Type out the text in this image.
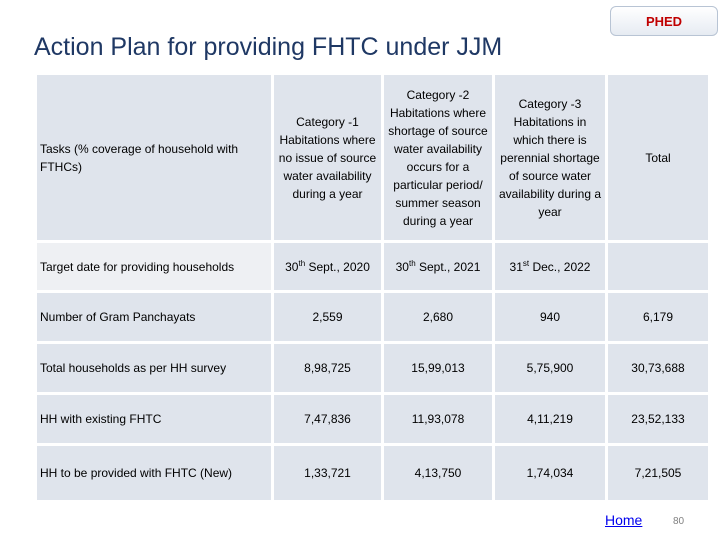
PHED
Action Plan for providing FHTC under JJM
Tasks (% coverage of household with FTHCs)	Category -1 Habitations where no issue of source water availability during a year	Category -2 Habitations where shortage of source water availability occurs for a particular period/ summer season during a year	Category -3 Habitations in which there is perennial shortage of source water availability during a year	Total
Target date for providing households	30th Sept., 2020	30th Sept., 2021	31st Dec., 2022	
Number of Gram Panchayats	2,559	2,680	940	6,179
Total households as per HH survey	8,98,725	15,99,013	5,75,900	30,73,688
HH with existing FHTC	7,47,836	11,93,078	4,11,219	23,52,133
HH to be provided with FHTC (New)	1,33,721	4,13,750	1,74,034	7,21,505
Home	80
